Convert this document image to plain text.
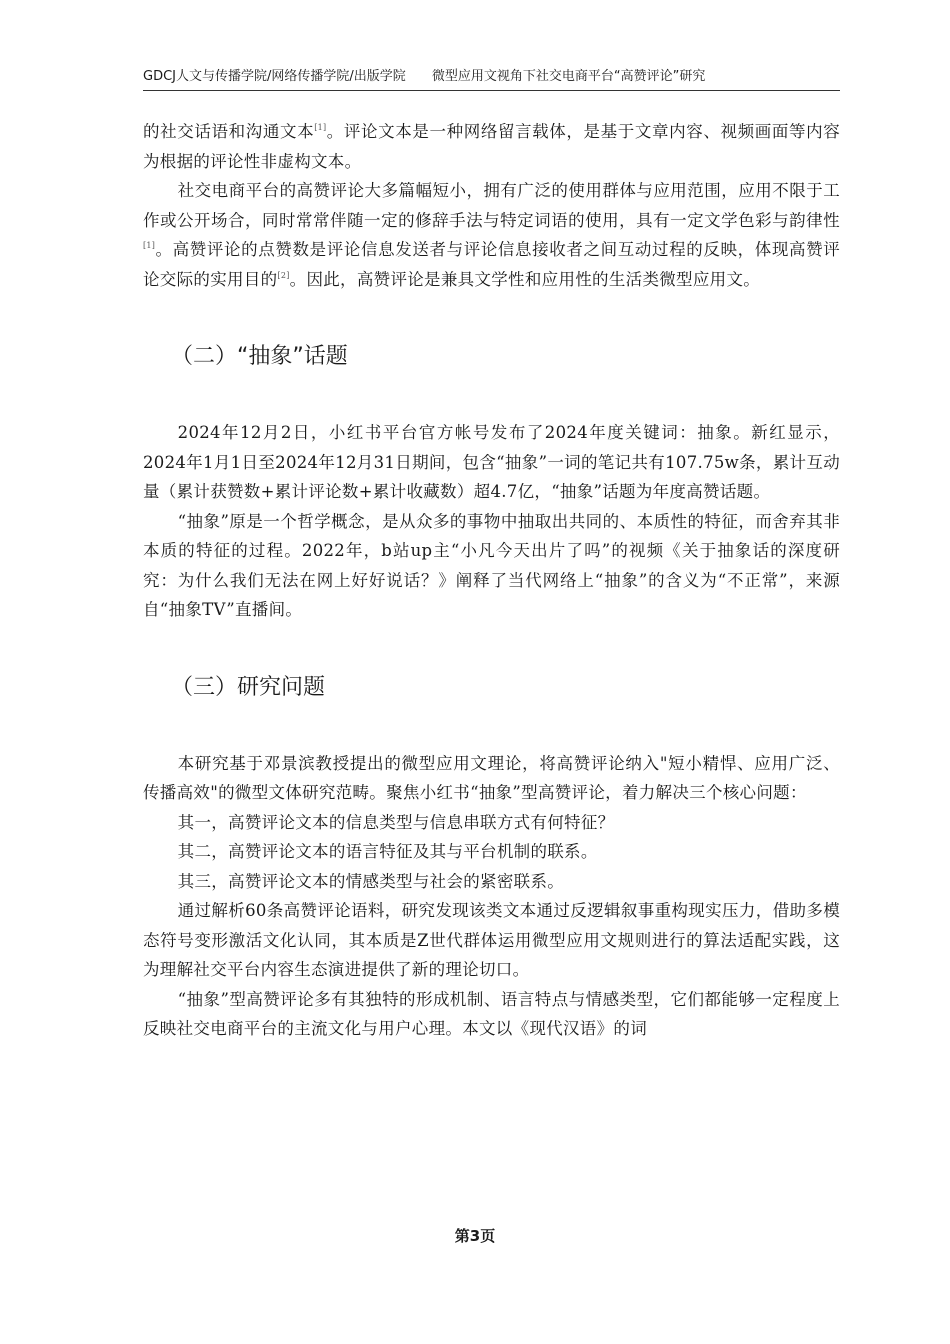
GDCJ人文与传播学院/网络传播学院/出版学院 微型应用文视角下社交电商平台“高赞评论”研究

的社交话语和沟通文本[1]。评论文本是一种网络留言载体，是基于文章内容、视频画面等内容为根据的评论性非虚构文本。

社交电商平台的高赞评论大多篇幅短小，拥有广泛的使用群体与应用范围，应用不限于工作或公开场合，同时常常伴随一定的修辞手法与特定词语的使用，具有一定文学色彩与韵律性[1]。高赞评论的点赞数是评论信息发送者与评论信息接收者之间互动过程的反映，体现高赞评论交际的实用目的[2]。因此，高赞评论是兼具文学性和应用性的生活类微型应用文。

（二）“抽象”话题

2024年12月2日，小红书平台官方帐号发布了2024年度关键词：抽象。新红显示，2024年1月1日至2024年12月31日期间，包含“抽象”一词的笔记共有107.75w条，累计互动量（累计获赞数+累计评论数+累计收藏数）超4.7亿，“抽象”话题为年度高赞话题。

“抽象”原是一个哲学概念，是从众多的事物中抽取出共同的、本质性的特征，而舍弃其非本质的特征的过程。2022年，b站up主“小凡今天出片了吗”的视频《关于抽象话的深度研究：为什么我们无法在网上好好说话？》阐释了当代网络上“抽象”的含义为“不正常”，来源自“抽象TV”直播间。

（三）研究问题

本研究基于邓景滨教授提出的微型应用文理论，将高赞评论纳入"短小精悍、应用广泛、传播高效"的微型文体研究范畴。聚焦小红书“抽象”型高赞评论，着力解决三个核心问题：

其一，高赞评论文本的信息类型与信息串联方式有何特征？

其二，高赞评论文本的语言特征及其与平台机制的联系。

其三，高赞评论文本的情感类型与社会的紧密联系。

通过解析60条高赞评论语料，研究发现该类文本通过反逻辑叙事重构现实压力，借助多模态符号变形激活文化认同，其本质是Z世代群体运用微型应用文规则进行的算法适配实践，这为理解社交平台内容生态演进提供了新的理论切口。

“抽象”型高赞评论多有其独特的形成机制、语言特点与情感类型，它们都能够一定程度上反映社交电商平台的主流文化与用户心理。本文以《现代汉语》的词

第3页
